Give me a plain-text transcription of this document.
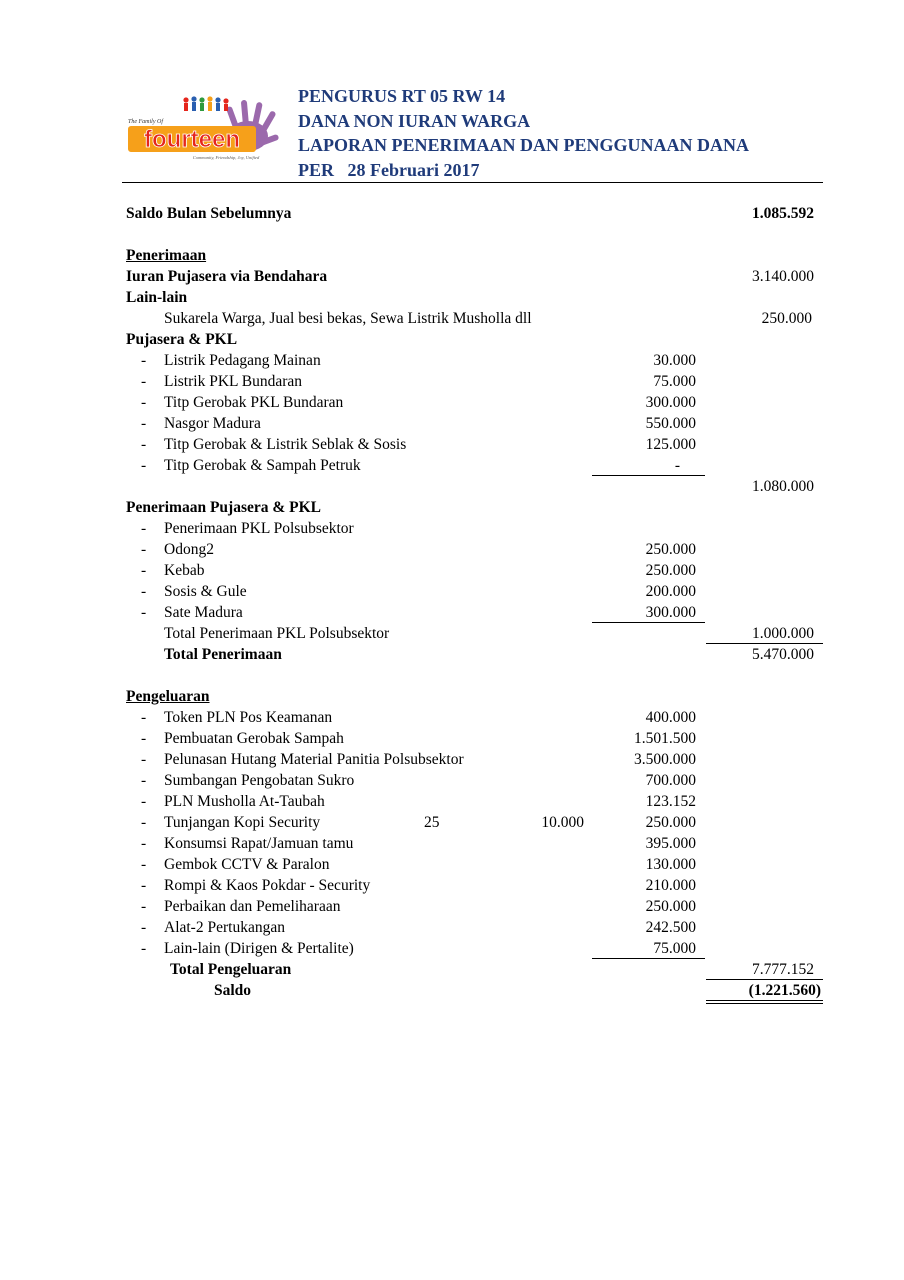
The Family Of
fourteen
Community, Friendship, Joy, Unified
PENGURUS RT 05 RW 14
DANA NON IURAN WARGA
LAPORAN PENERIMAAN DAN PENGGUNAAN DANA
PER   28 Februari 2017
Saldo Bulan Sebelumnya	1.085.592
Penerimaan
Iuran Pujasera via Bendahara	3.140.000
Lain-lain
Sukarela Warga, Jual besi bekas, Sewa Listrik Musholla dll	250.000
Pujasera & PKL
- Listrik Pedagang Mainan	30.000
- Listrik PKL Bundaran	75.000
- Titp Gerobak PKL Bundaran	300.000
- Nasgor Madura	550.000
- Titp Gerobak & Listrik Seblak & Sosis	125.000
- Titp Gerobak & Sampah Petruk	-
1.080.000
Penerimaan Pujasera & PKL
- Penerimaan PKL Polsubsektor
- Odong2	250.000
- Kebab	250.000
- Sosis & Gule	200.000
- Sate Madura	300.000
Total Penerimaan PKL Polsubsektor	1.000.000
Total Penerimaan	5.470.000
Pengeluaran
- Token PLN Pos Keamanan	400.000
- Pembuatan Gerobak Sampah	1.501.500
- Pelunasan Hutang Material Panitia Polsubsektor	3.500.000
- Sumbangan Pengobatan Sukro	700.000
- PLN Musholla At-Taubah	123.152
- Tunjangan Kopi Security	25	10.000	250.000
- Konsumsi Rapat/Jamuan tamu	395.000
- Gembok CCTV & Paralon	130.000
- Rompi & Kaos Pokdar - Security	210.000
- Perbaikan dan Pemeliharaan	250.000
- Alat-2 Pertukangan	242.500
- Lain-lain (Dirigen & Pertalite)	75.000
Total Pengeluaran	7.777.152
Saldo	(1.221.560)
